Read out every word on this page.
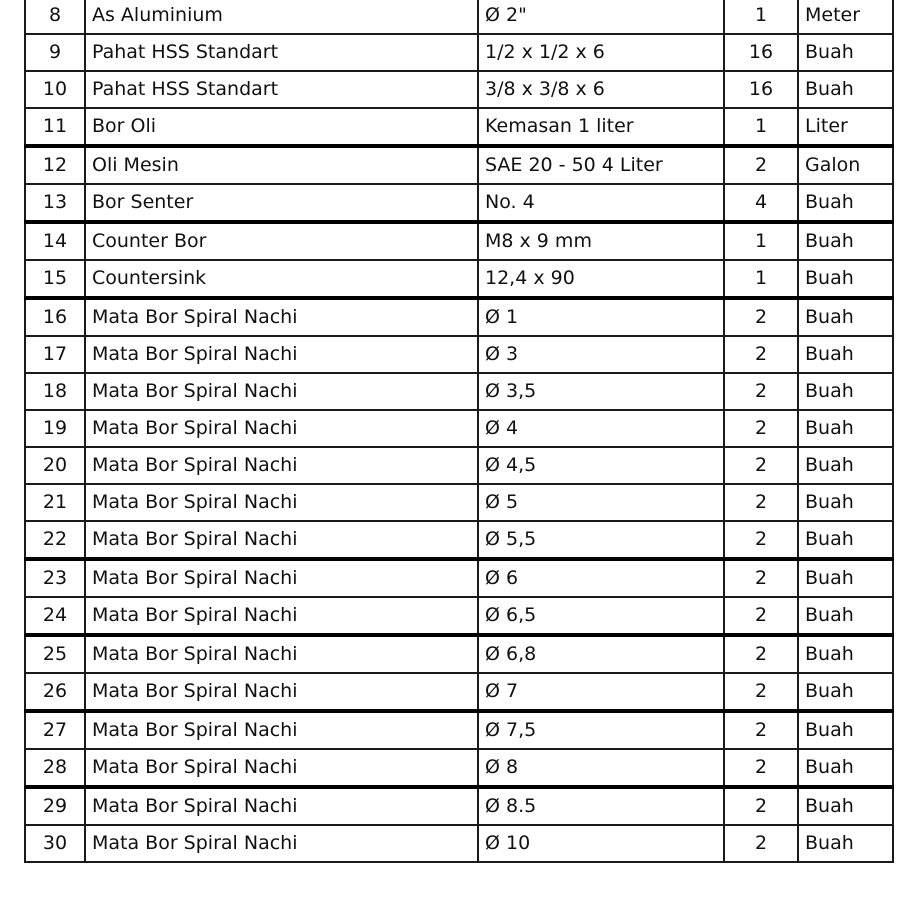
8	As Aluminium	Ø 2"	1	Meter
9	Pahat HSS Standart	1/2 x 1/2 x 6	16	Buah
10	Pahat HSS Standart	3/8 x 3/8 x 6	16	Buah
11	Bor Oli	Kemasan 1 liter	1	Liter
12	Oli Mesin	SAE 20 - 50 4 Liter	2	Galon
13	Bor Senter	No. 4	4	Buah
14	Counter Bor	M8 x 9 mm	1	Buah
15	Countersink	12,4 x 90	1	Buah
16	Mata Bor Spiral Nachi	Ø 1	2	Buah
17	Mata Bor Spiral Nachi	Ø 3	2	Buah
18	Mata Bor Spiral Nachi	Ø 3,5	2	Buah
19	Mata Bor Spiral Nachi	Ø 4	2	Buah
20	Mata Bor Spiral Nachi	Ø 4,5	2	Buah
21	Mata Bor Spiral Nachi	Ø 5	2	Buah
22	Mata Bor Spiral Nachi	Ø 5,5	2	Buah
23	Mata Bor Spiral Nachi	Ø 6	2	Buah
24	Mata Bor Spiral Nachi	Ø 6,5	2	Buah
25	Mata Bor Spiral Nachi	Ø 6,8	2	Buah
26	Mata Bor Spiral Nachi	Ø 7	2	Buah
27	Mata Bor Spiral Nachi	Ø 7,5	2	Buah
28	Mata Bor Spiral Nachi	Ø 8	2	Buah
29	Mata Bor Spiral Nachi	Ø 8.5	2	Buah
30	Mata Bor Spiral Nachi	Ø 10	2	Buah
